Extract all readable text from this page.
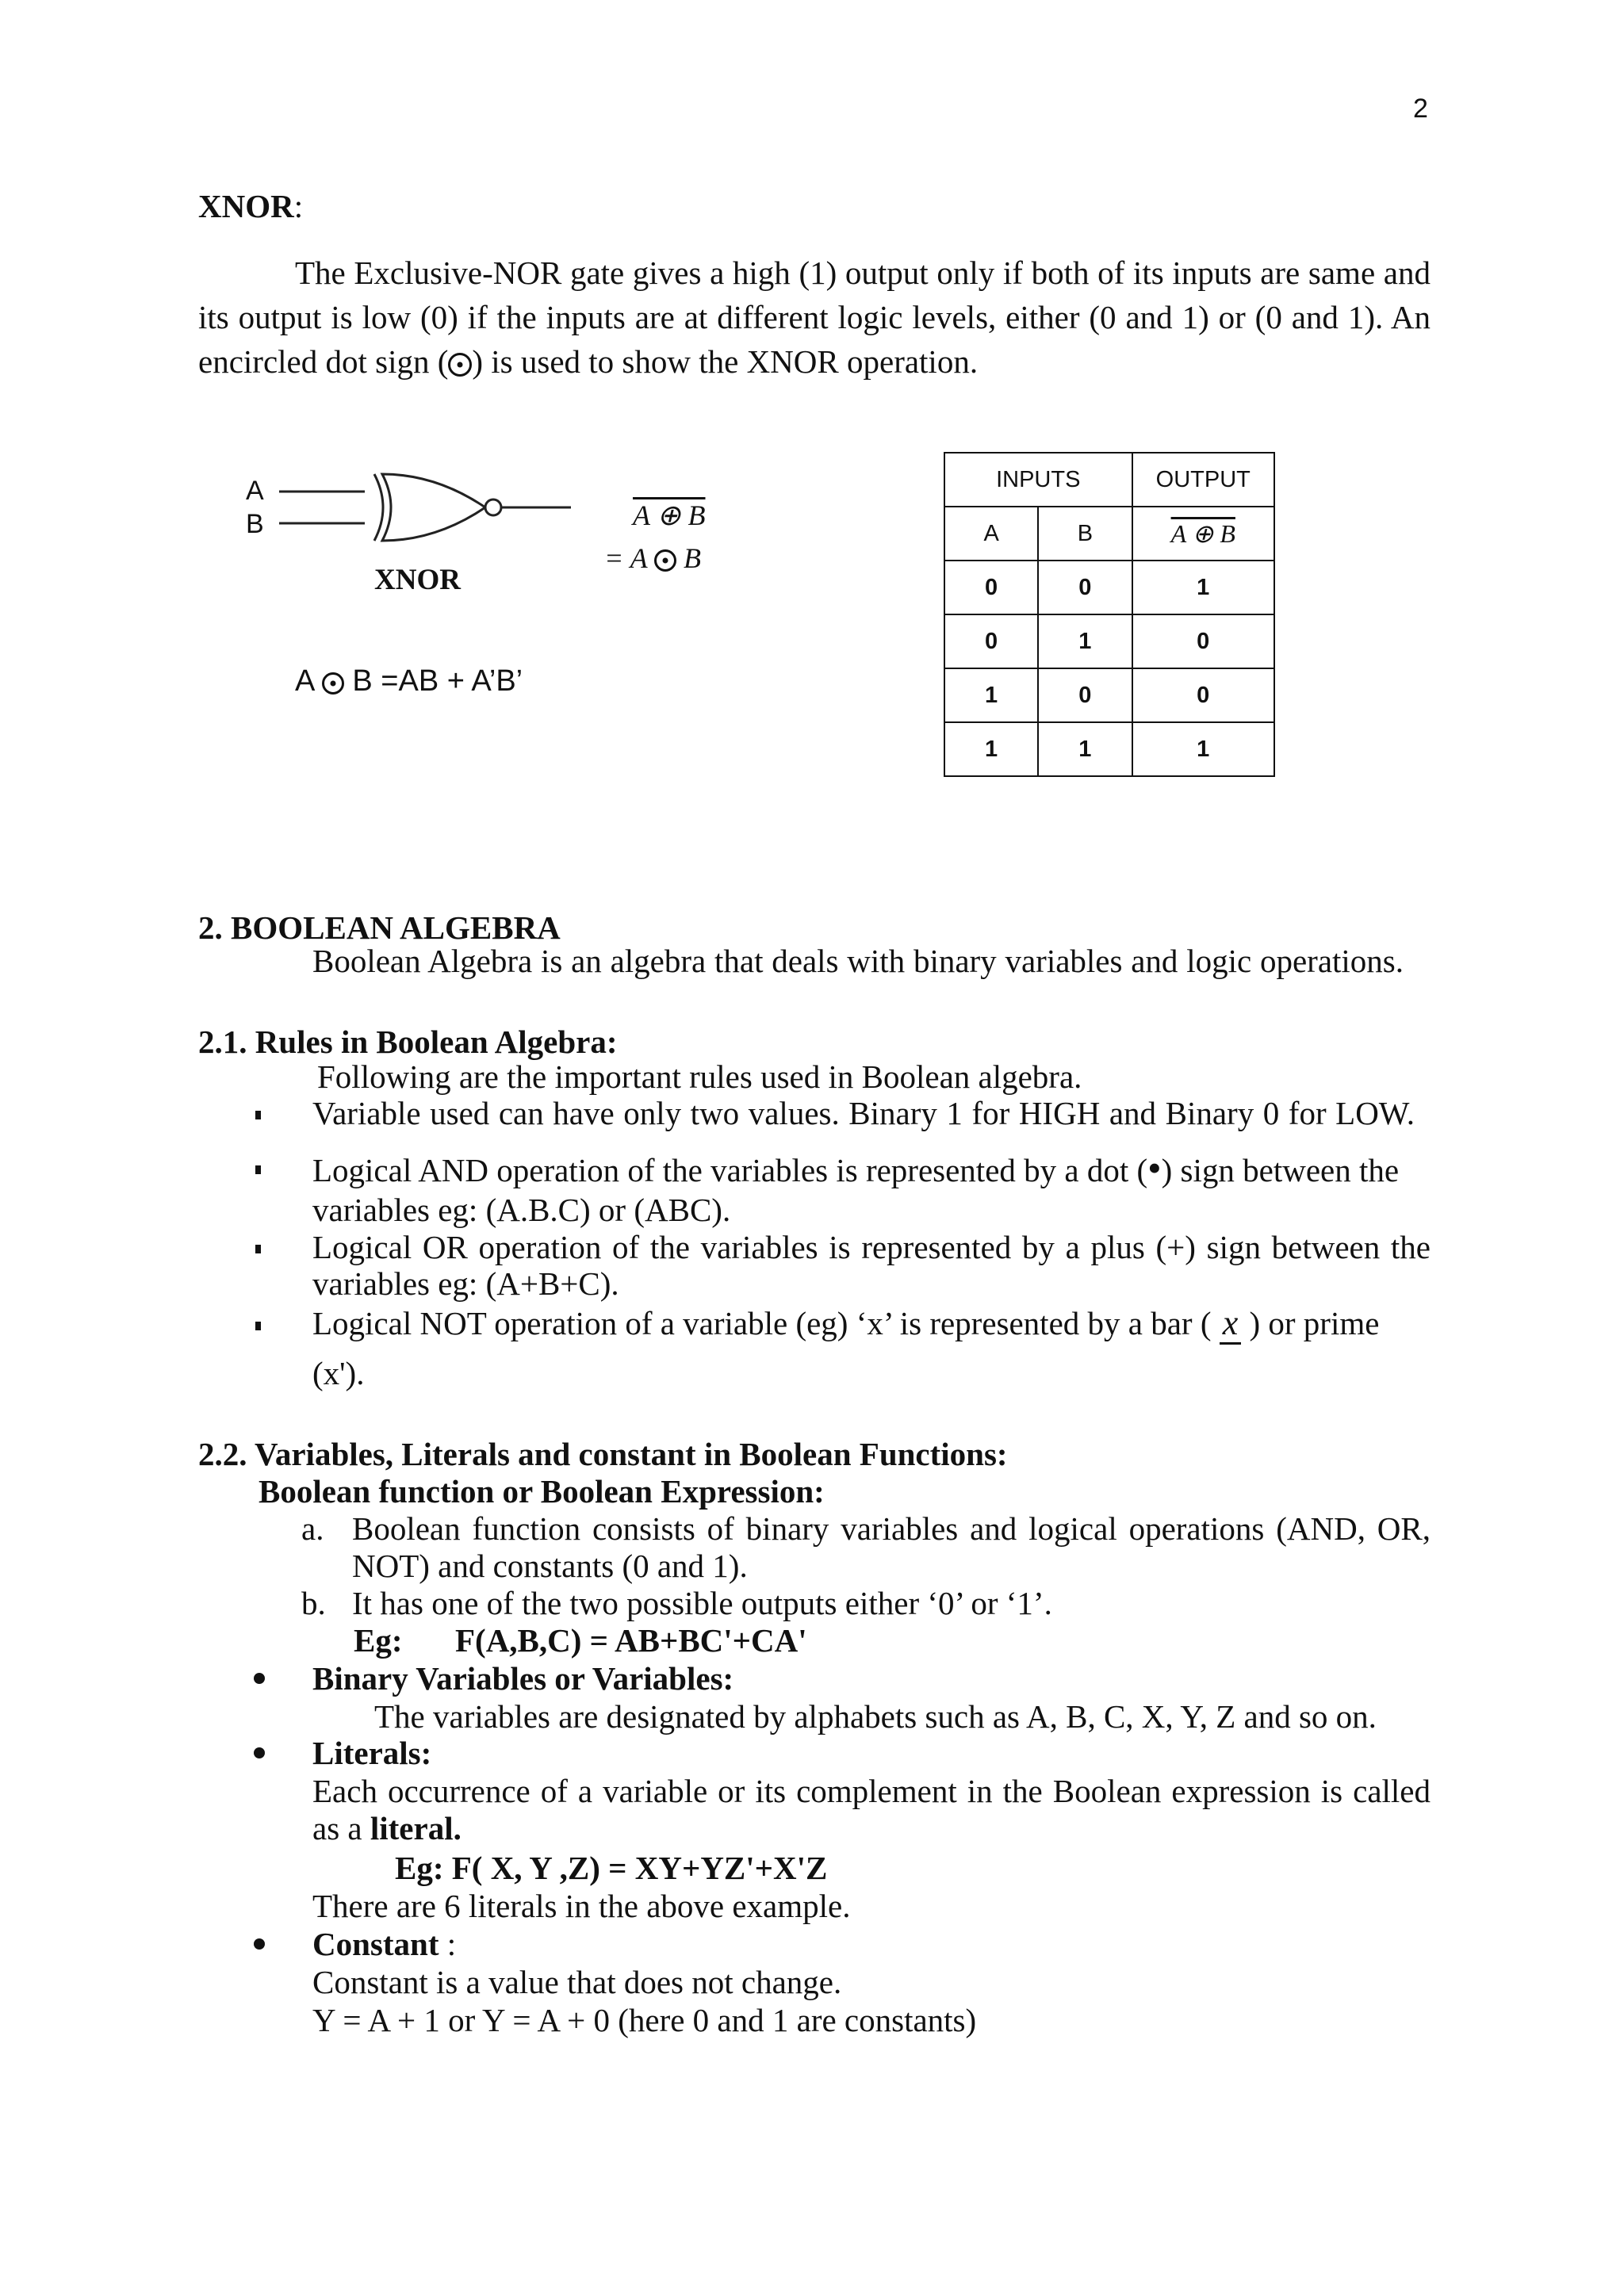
2
XNOR:
The Exclusive-NOR gate gives a high (1) output only if both of its inputs are same and
its output is low (0) if the inputs are at different logic levels, either (0 and 1) or (0 and 1). An
encircled dot sign ( ) is used to show the XNOR operation.
A
B
XNOR
A ⊕ B
= A B
A B =AB + A’B’
INPUTS		OUTPUT
A	B	A ⊕ B
0	0	1
0	1	0
1	0	0
1	1	1
2. BOOLEAN ALGEBRA
Boolean Algebra is an algebra that deals with binary variables and logic operations.
2.1. Rules in Boolean Algebra:
Following are the important rules used in Boolean algebra.
Variable used can have only two values. Binary 1 for HIGH and Binary 0 for LOW.
Logical AND operation of the variables is represented by a dot (•) sign between the
variables eg: (A.B.C) or (ABC).
Logical OR operation of the variables is represented by a plus (+) sign between the
variables eg: (A+B+C).
Logical NOT operation of a variable (eg) ‘x’ is represented by a bar ( x ) or prime
(x').
2.2. Variables, Literals and constant in Boolean Functions:
Boolean function or Boolean Expression:
a. Boolean function consists of binary variables and logical operations (AND, OR,
NOT) and constants (0 and 1).
b. It has one of the two possible outputs either ‘0’ or ‘1’.
Eg: F(A,B,C) = AB+BC'+CA'
Binary Variables or Variables:
The variables are designated by alphabets such as A, B, C, X, Y, Z and so on.
Literals:
Each occurrence of a variable or its complement in the Boolean expression is called
as a literal.
Eg: F( X, Y ,Z) = XY+YZ'+X'Z
There are 6 literals in the above example.
Constant :
Constant is a value that does not change.
Y = A + 1 or Y = A + 0 (here 0 and 1 are constants)
